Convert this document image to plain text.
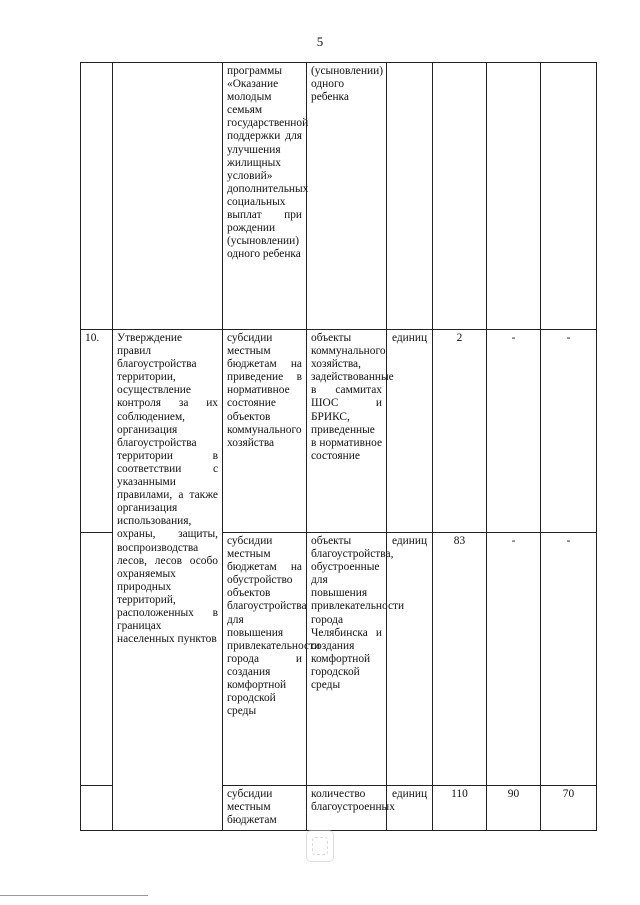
5
		программы «Оказание молодым семьям государственной поддержки для улучшения жилищных условий» дополнительных социальных выплат при рождении (усыновлении) одного ребенка	(усыновлении) одного ребенка				
10.	Утверждение правил благоустройства территории, осуществление контроля за их соблюдением, организация благоустройства территории в соответствии с указанными правилами, а также организация использования, охраны, защиты, воспроизводства лесов, лесов особо охраняемых природных территорий, расположенных в границах населенных пунктов	субсидии местным бюджетам на приведение в нормативное состояние объектов коммунального хозяйства	объекты коммунального хозяйства, задействованные в саммитах ШОС и БРИКС, приведенные в нормативное состояние	единиц	2	-	-
		субсидии местным бюджетам на обустройство объектов благоустройства для повышения привлекательности города и создания комфортной городской среды	объекты благоустройства, обустроенные для повышения привлекательности города Челябинска и создания комфортной городской среды	единиц	83	-	-
		субсидии местным бюджетам	количество благоустроенных	единиц	110	90	70
